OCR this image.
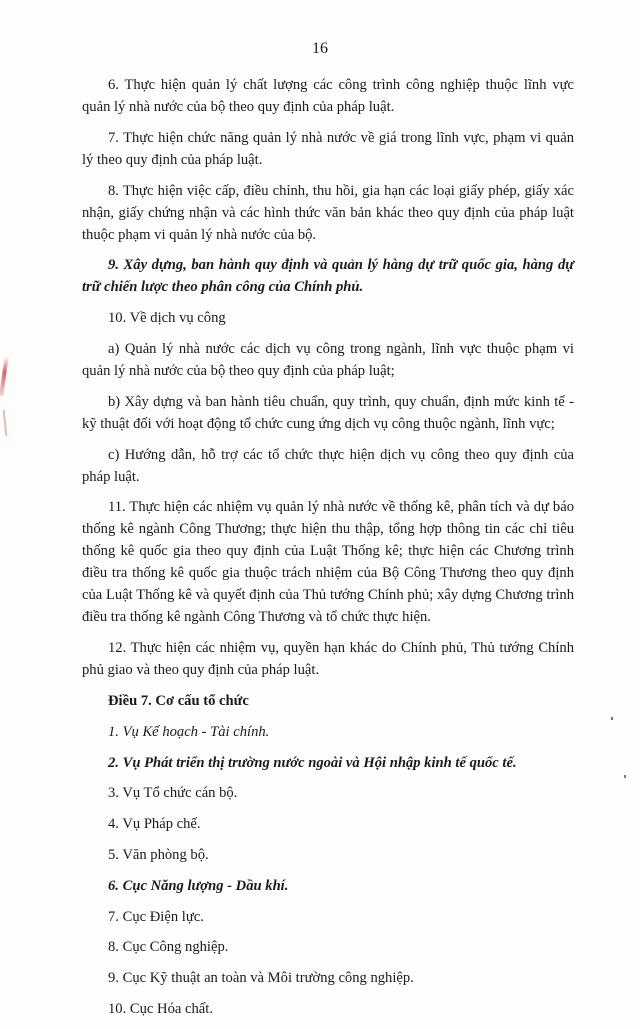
16

6. Thực hiện quản lý chất lượng các công trình công nghiệp thuộc lĩnh vực quản lý nhà nước của bộ theo quy định của pháp luật.

7. Thực hiện chức năng quản lý nhà nước về giá trong lĩnh vực, phạm vi quản lý theo quy định của pháp luật.

8. Thực hiện việc cấp, điều chỉnh, thu hồi, gia hạn các loại giấy phép, giấy xác nhận, giấy chứng nhận và các hình thức văn bản khác theo quy định của pháp luật thuộc phạm vi quản lý nhà nước của bộ.

9. Xây dựng, ban hành quy định và quản lý hàng dự trữ quốc gia, hàng dự trữ chiến lược theo phân công của Chính phủ.

10. Về dịch vụ công

a) Quản lý nhà nước các dịch vụ công trong ngành, lĩnh vực thuộc phạm vi quản lý nhà nước của bộ theo quy định của pháp luật;

b) Xây dựng và ban hành tiêu chuẩn, quy trình, quy chuẩn, định mức kinh tế - kỹ thuật đối với hoạt động tổ chức cung ứng dịch vụ công thuộc ngành, lĩnh vực;

c) Hướng dẫn, hỗ trợ các tổ chức thực hiện dịch vụ công theo quy định của pháp luật.

11. Thực hiện các nhiệm vụ quản lý nhà nước về thống kê, phân tích và dự báo thống kê ngành Công Thương; thực hiện thu thập, tổng hợp thông tin các chỉ tiêu thống kê quốc gia theo quy định của Luật Thống kê; thực hiện các Chương trình điều tra thống kê quốc gia thuộc trách nhiệm của Bộ Công Thương theo quy định của Luật Thống kê và quyết định của Thủ tướng Chính phủ; xây dựng Chương trình điều tra thống kê ngành Công Thương và tổ chức thực hiện.

12. Thực hiện các nhiệm vụ, quyền hạn khác do Chính phủ, Thủ tướng Chính phủ giao và theo quy định của pháp luật.

Điều 7. Cơ cấu tổ chức

1. Vụ Kế hoạch - Tài chính.

2. Vụ Phát triển thị trường nước ngoài và Hội nhập kinh tế quốc tế.

3. Vụ Tổ chức cán bộ.

4. Vụ Pháp chế.

5. Văn phòng bộ.

6. Cục Năng lượng - Dầu khí.

7. Cục Điện lực.

8. Cục Công nghiệp.

9. Cục Kỹ thuật an toàn và Môi trường công nghiệp.

10. Cục Hóa chất.
